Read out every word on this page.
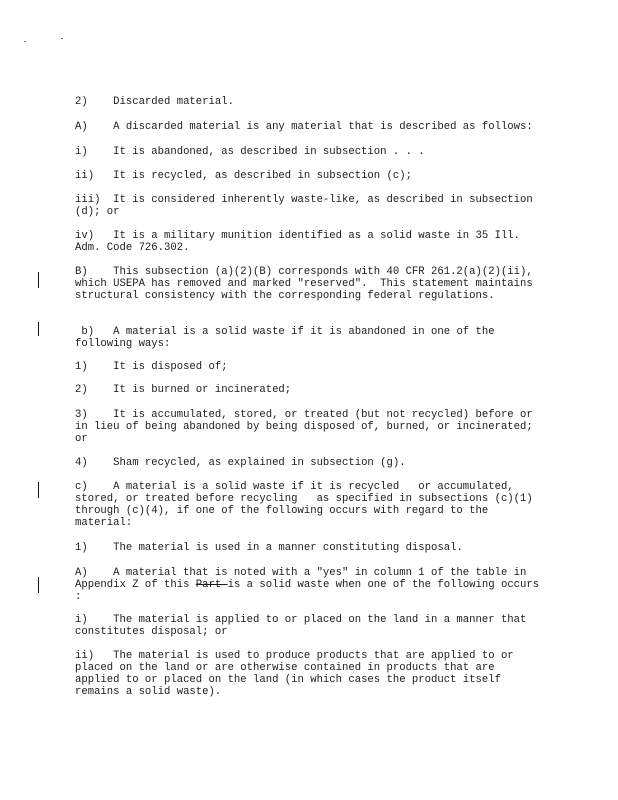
2)    Discarded material.

A)    A discarded material is any material that is described as follows:

i)    It is abandoned, as described in subsection . . .

ii)   It is recycled, as described in subsection (c);

iii)  It is considered inherently waste-like, as described in subsection (d); or

iv)   It is a military munition identified as a solid waste in 35 Ill. Adm. Code 726.302.

B)    This subsection (a)(2)(B) corresponds with 40 CFR 261.2(a)(2)(ii), which USEPA has removed and marked "reserved".  This statement maintains structural consistency with the corresponding federal regulations.

b)   A material is a solid waste if it is abandoned in one of the following ways:

1)    It is disposed of;

2)    It is burned or incinerated;

3)    It is accumulated, stored, or treated (but not recycled) before or in lieu of being abandoned by being disposed of, burned, or incinerated; or

4)    Sham recycled, as explained in subsection (g).

c)    A material is a solid waste if it is recycled   or accumulated, stored, or treated before recycling   as specified in subsections (c)(1) through (c)(4), if one of the following occurs with regard to the material:

1)    The material is used in a manner constituting disposal.

A)    A material that is noted with a "yes" in column 1 of the table in Appendix Z of this Part is a solid waste when one of the following occurs :

i)    The material is applied to or placed on the land in a manner that constitutes disposal; or

ii)   The material is used to produce products that are applied to or placed on the land or are otherwise contained in products that are applied to or placed on the land (in which cases the product itself remains a solid waste).
